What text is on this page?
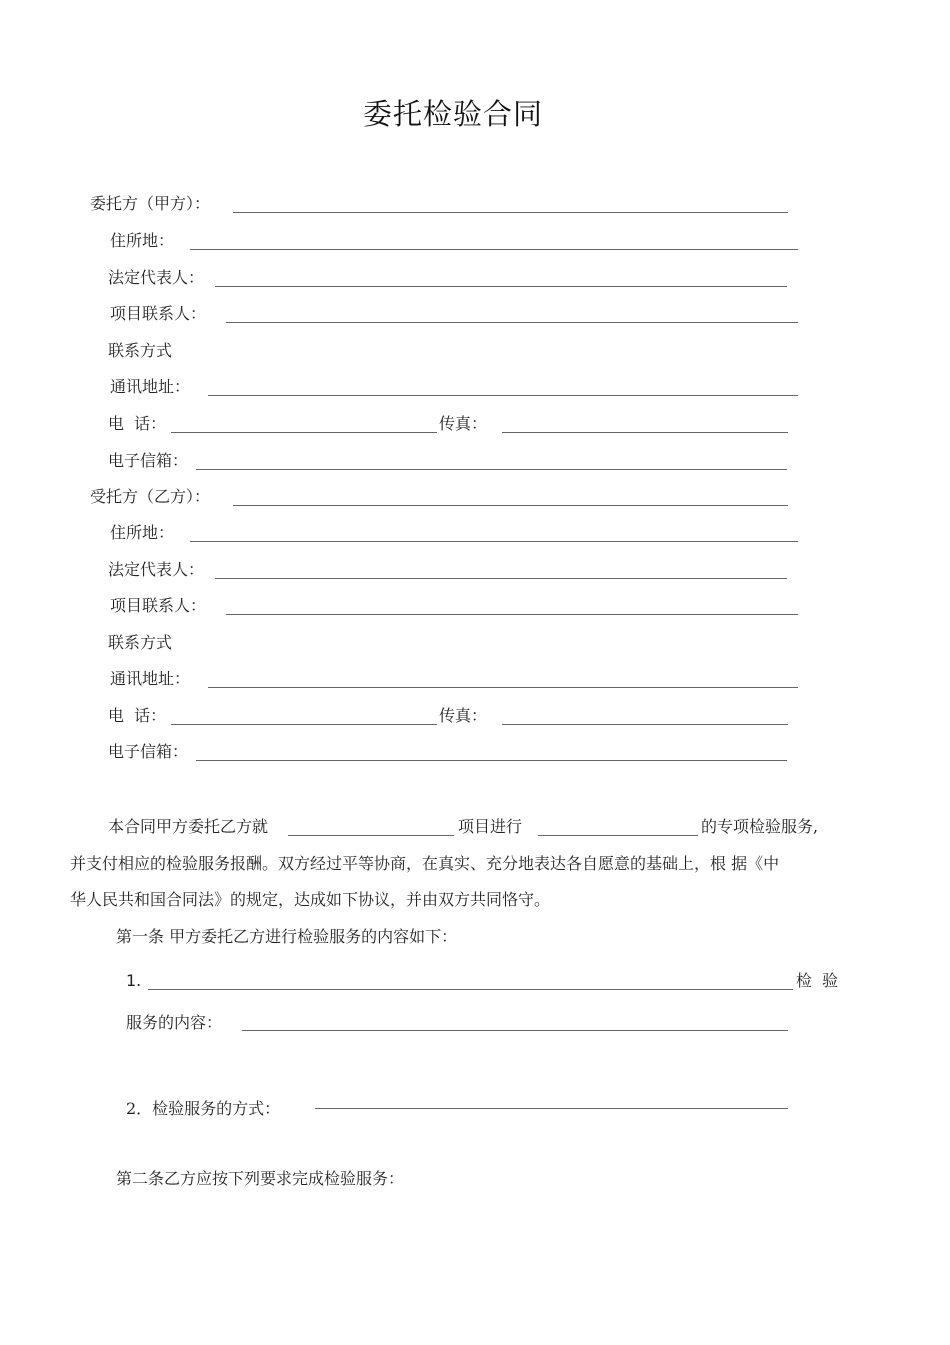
委托检验合同
委托方（甲方）：
住所地：
法定代表人：
项目联系人：
联系方式
通讯地址：
电  话：	传真：
电子信箱：
受托方（乙方）：
住所地：
法定代表人：
项目联系人：
联系方式
通讯地址：
电  话：	传真：
电子信箱：
本合同甲方委托乙方就	项目进行	的专项检验服务,
并支付相应的检验服务报酬。双方经过平等协商，在真实、充分地表达各自愿意的基础上，根 据《中
华人民共和国合同法》的规定，达成如下协议，并由双方共同恪守。
第一条 甲方委托乙方进行检验服务的内容如下：
1.	检  验
服务的内容：
2．检验服务的方式：
第二条乙方应按下列要求完成检验服务：
